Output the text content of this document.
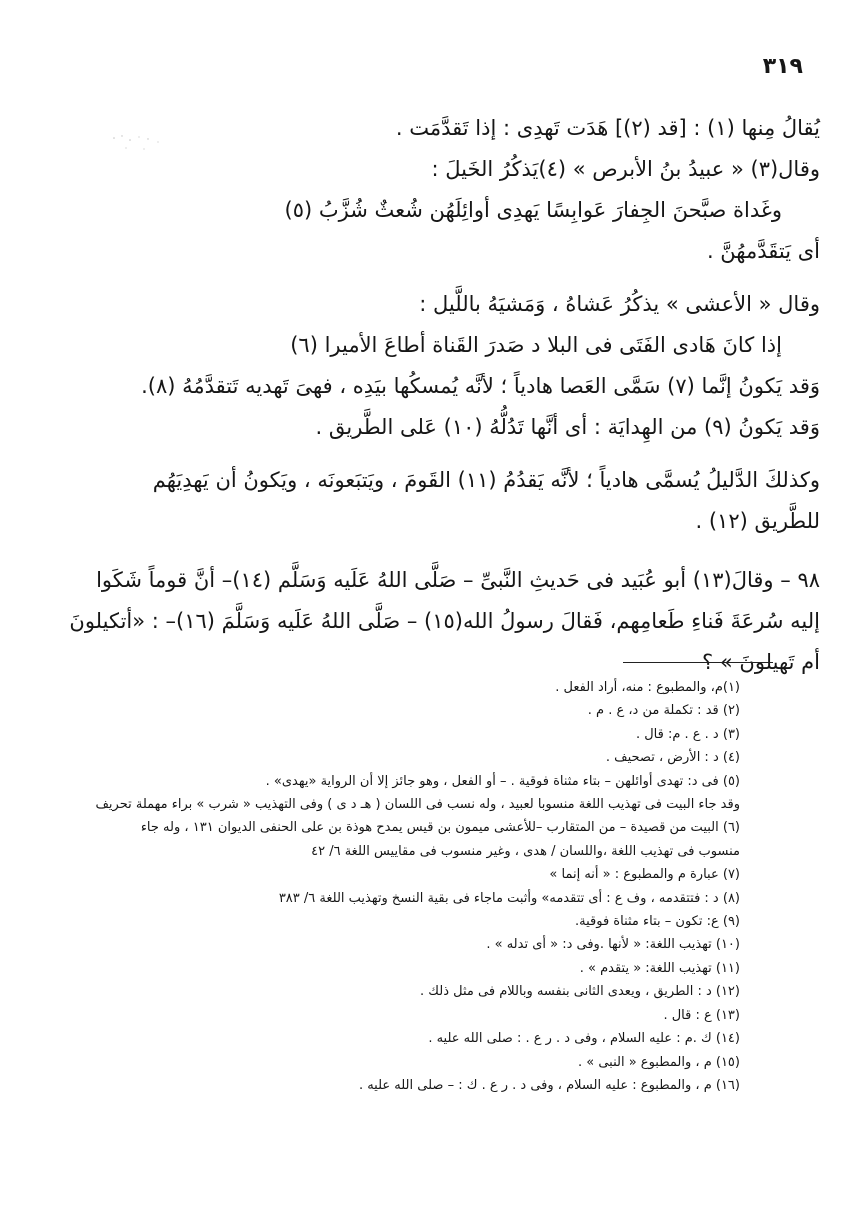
٣١٩

يُقالُ مِنها (١) : [قد (٢)] هَدَت تَهدِى : إذا تَقدَّمَت .

وقال(٣) « عبيدُ بنُ الأبرص » (٤)يَذكُرُ الخَيلَ :

وغَداة صبَّحنَ الجِفارَ عَوابِسًا يَهدِى أوائِلَهُن شُعثٌ شُزَّبُ (٥)

أى يَتقَدَّمهُنَّ .

وقال « الأعشى » يذكُرُ عَشاهُ ، وَمَشيَهُ باللَّيل :

إذا كانَ هَادى الفَتَى فى البلا د صَدرَ القَناة أطاعَ الأميرا (٦)

وَقد يَكونُ إنَّما (٧) سَمَّى العَصا هادياً ؛ لأنَّه يُمسكُها بيَدِه ، فهىَ تَهديه تَتقدَّمُهُ (٨).

وَقد يَكونُ (٩) من الهِدايَة : أى أنَّها تَدُلُّهُ (١٠) عَلى الطَّريق .

وكذلكَ الدَّليلُ يُسمَّى هادياً ؛ لأنَّه يَقدُمُ (١١) القَومَ ، ويَتبَعونَه ، ويَكونُ أن يَهدِيَهُم

للطَّريق (١٢) .

٩٨ – وقالَ(١٣) أبو عُبَيد فى حَديثِ النَّبىِّ – صَلَّى اللهُ عَلَيه وَسَلَّم (١٤)– أنَّ قوماً شَكَوا

إليه سُرعَةَ فَناءِ طَعامِهم، فَقالَ رسولُ الله(١٥) – صَلَّى اللهُ عَلَيه وَسَلَّمَ (١٦)– : «أتكيلونَ

أم تَهيلونَ » ؟

(١)م، والمطبوع : منه، أراد الفعل .

(٢) قد : تكملة من د، ع . م .

(٣) د . ع . م: قال .

(٤) د : الأرض ، تصحيف .

(٥) فى د: تهدى أوائلهن – بتاء مثناة فوقية . – أو الفعل ، وهو جائز إلا أن الرواية «يهدى» .

وقد جاء البيت فى تهذيب اللغة منسوبا لعبيد ، وله نسب فى اللسان ( هـ د ى ) وفى التهذيب « شرب » براء مهملة تحريف

(٦) البيت من قصيدة – من المتقارب –للأعشى ميمون بن قيس يمدح هوذة بن على الحنفى الديوان ١٣١ ، وله جاء

منسوب فى تهذيب اللغة ،واللسان / هدى ، وغير منسوب فى مقاييس اللغة ٦/ ٤٢

(٧) عبارة م والمطبوع : « أنه إنما »

(٨) د : فتتقدمه ، وف ع : أى تتقدمه» وأثبت ماجاء فى بقية النسخ وتهذيب اللغة ٦/ ٣٨٣

(٩) ع: تكون – بتاء مثناة فوقية.

(١٠) تهذيب اللغة: « لأنها .وفى د: « أى تدله » .

(١١) تهذيب اللغة: « يتقدم » .

(١٢) د : الطريق ، ويعدى الثانى بنفسه وباللام فى مثل ذلك .

(١٣) ع : قال .

(١٤) ك .م : عليه السلام ، وفى د . ر ع . : صلى الله عليه .

(١٥) م ، والمطبوع « النبى » .

(١٦) م ، والمطبوع : عليه السلام ، وفى د . ر ع . ك : – صلى الله عليه .
